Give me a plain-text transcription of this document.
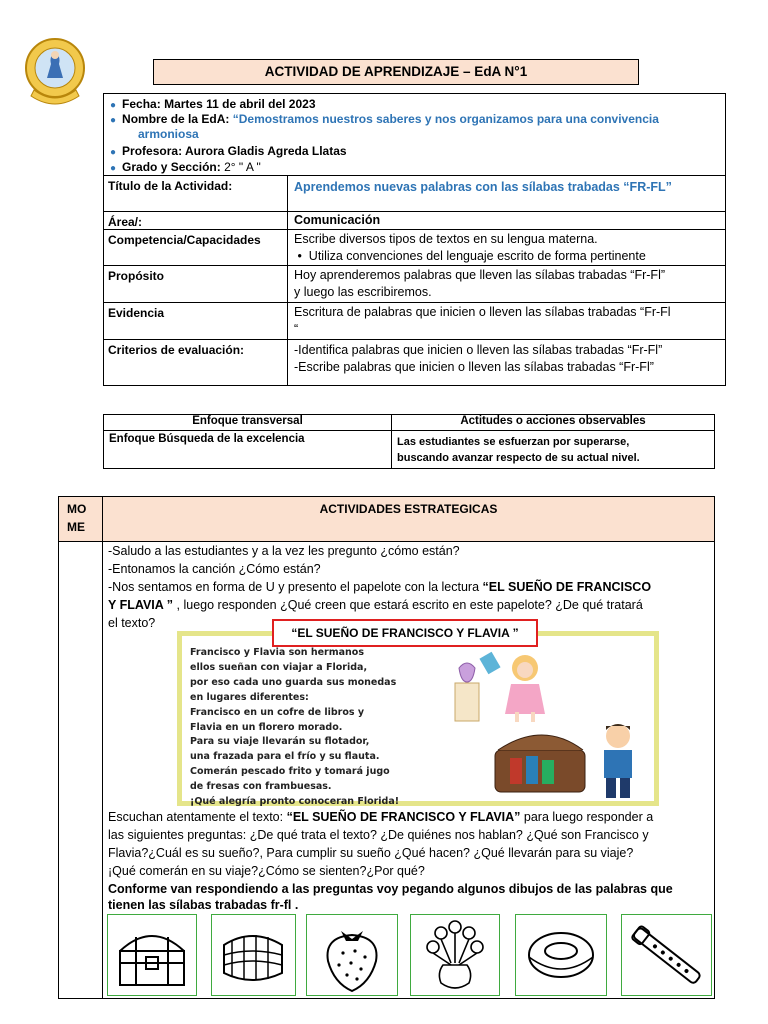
ACTIVIDAD DE APRENDIZAJE – EdA N°1
● Fecha: Martes 11 de abril del 2023
● Nombre de la EdA: “Demostramos nuestros saberes y nos organizamos para una convivencia
armoniosa
● Profesora: Aurora Gladis Agreda Llatas
● Grado y Sección: 2° " A "
Título de la Actividad:	Aprendemos nuevas palabras con las sílabas trabadas “FR-FL”
Área/:	Comunicación
Competencia/Capacidades	Escribe diversos tipos de textos en su lengua materna.
•  Utiliza convenciones del lenguaje escrito de forma pertinente
Propósito	Hoy aprenderemos palabras que lleven las sílabas trabadas “Fr-Fl”
y luego las escribiremos.
Evidencia	Escritura de palabras que inicien o lleven las sílabas trabadas “Fr-Fl
“
Criterios de evaluación:	-Identifica palabras que inicien o lleven las sílabas trabadas “Fr-Fl”
-Escribe palabras que inicien o lleven las sílabas trabadas “Fr-Fl”
Enfoque transversal	Actitudes o acciones observables
Enfoque Búsqueda de la excelencia	Las estudiantes se esfuerzan por superarse,
buscando avanzar respecto de su actual nivel.
MO
ME
ACTIVIDADES ESTRATEGICAS
-Saludo a las estudiantes y a la vez les pregunto ¿cómo están?
-Entonamos la canción ¿Cómo están?
-Nos sentamos en forma de U y presento el papelote con la lectura “EL SUEÑO DE FRANCISCO
Y FLAVIA ” , luego responden ¿Qué creen que estará escrito en este papelote? ¿De qué tratará
el texto?
Francisco y Flavia son hermanos
ellos sueñan con viajar a Florida,
por eso cada uno guarda sus monedas
en lugares diferentes:
Francisco en un cofre de libros y
Flavia en un florero morado.
Para su viaje llevarán su flotador,
una frazada para el frío y su flauta.
Comerán pescado frito y tomará jugo
de fresas con frambuesas.
¡Qué alegría pronto conoceran Florida!
“EL SUEÑO DE FRANCISCO Y FLAVIA ”
Escuchan atentamente el texto: “EL SUEÑO DE FRANCISCO Y FLAVIA” para luego responder a
las siguientes preguntas: ¿De qué trata el texto? ¿De quiénes nos hablan? ¿Qué son Francisco y
Flavia?¿Cuál es su sueño?, Para cumplir su sueño ¿Qué hacen? ¿Qué llevarán para su viaje?
¡Qué comerán en su viaje?¿Cómo se sienten?¿Por qué?
Conforme van respondiendo a las preguntas voy pegando algunos dibujos de las palabras que
tienen las sílabas trabadas fr-fl .
